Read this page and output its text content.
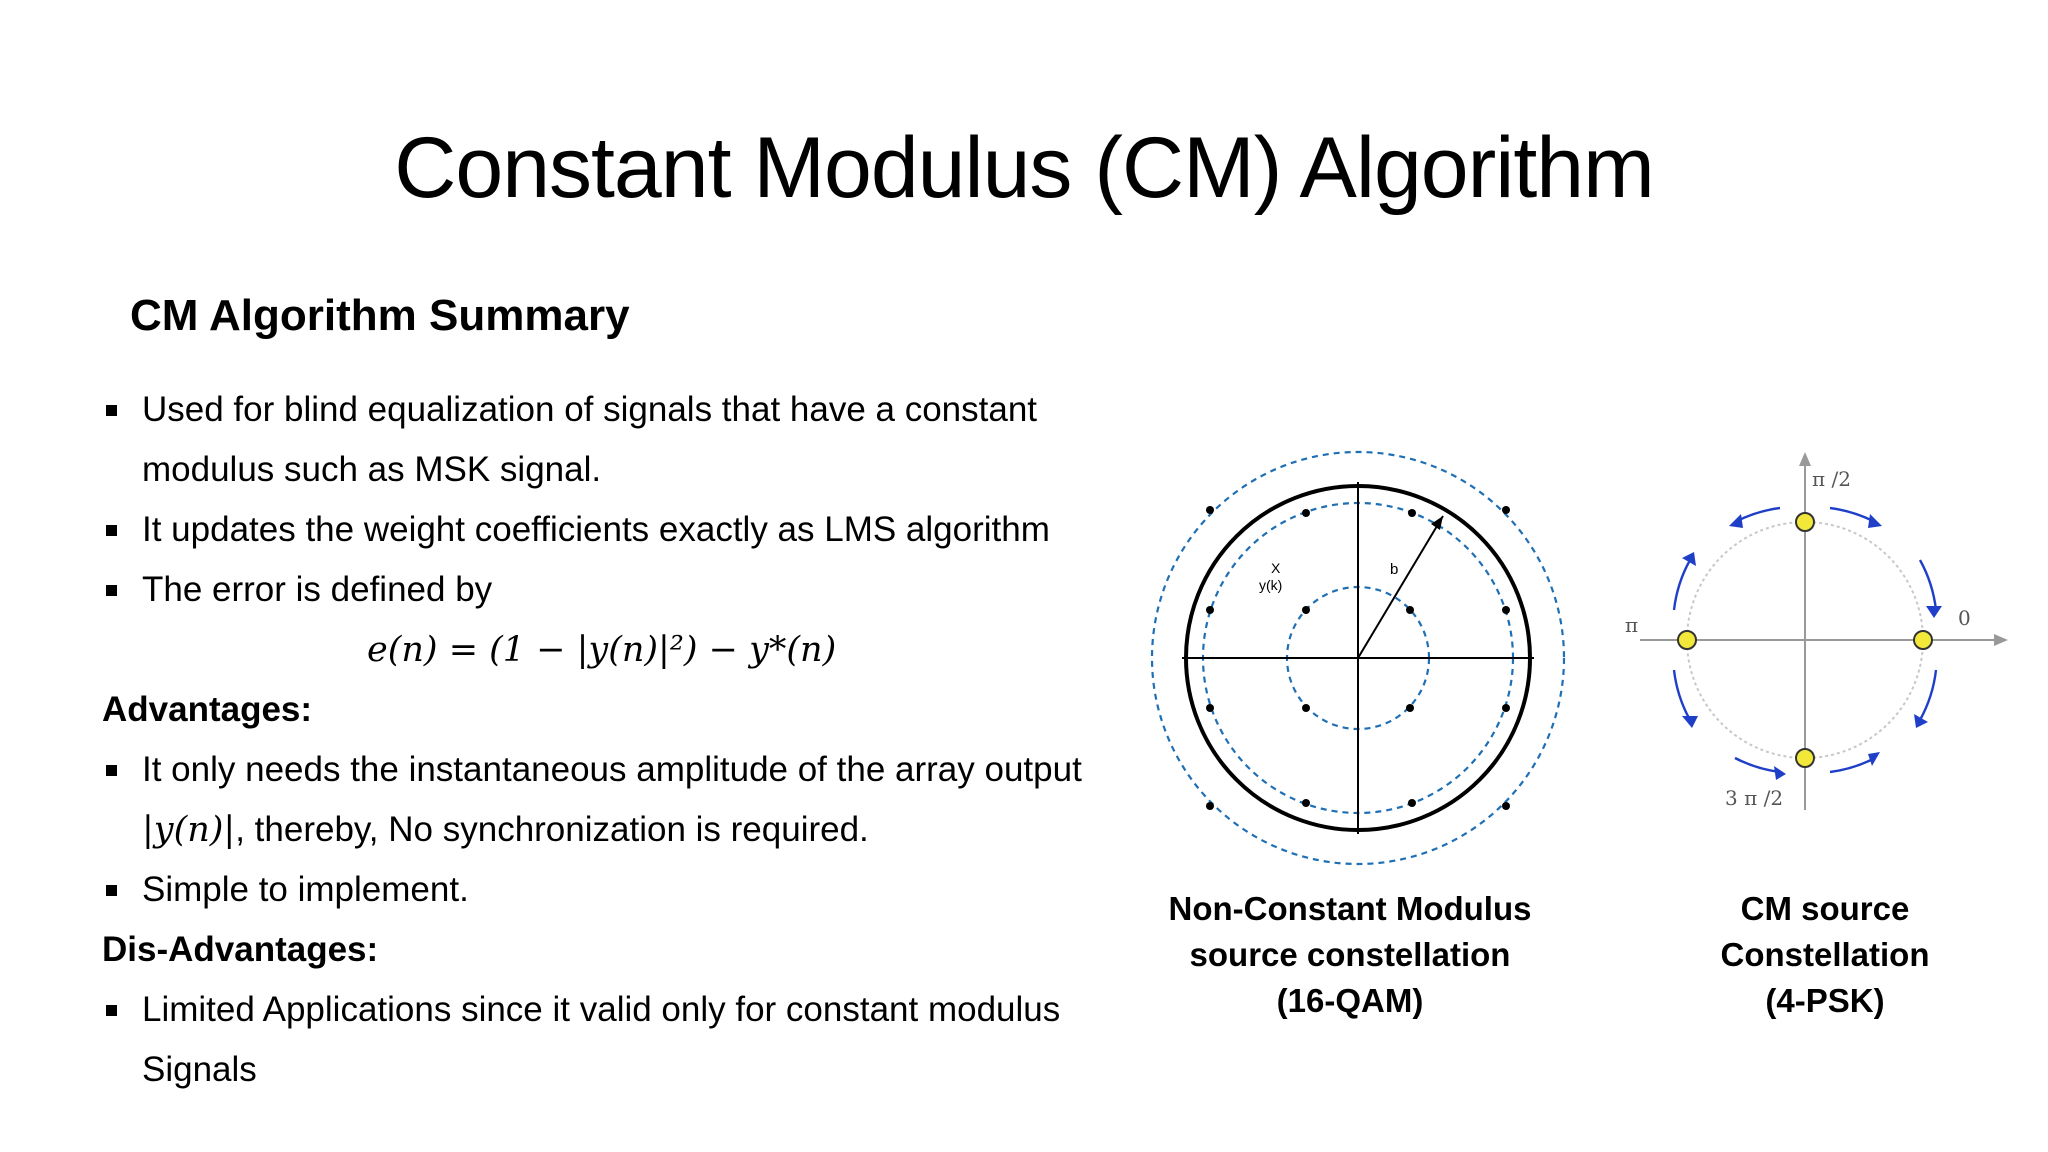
Constant Modulus (CM) Algorithm
CM Algorithm Summary
Used for blind equalization of signals that have a constant
modulus such as MSK signal.
It updates the weight coefficients exactly as LMS algorithm
The error is defined by
e(n) = (1 − |y(n)|²) − y*(n)
Advantages:
It only needs the instantaneous amplitude of the array output
|y(n)|, thereby, No synchronization is required.
Simple to implement.
Dis-Advantages:
Limited Applications since it valid only for constant modulus
Signals
X
y(k)
b
π /2
π	0
3 π /2
Non-Constant Modulus
source constellation
(16-QAM)
CM source
Constellation
(4-PSK)
